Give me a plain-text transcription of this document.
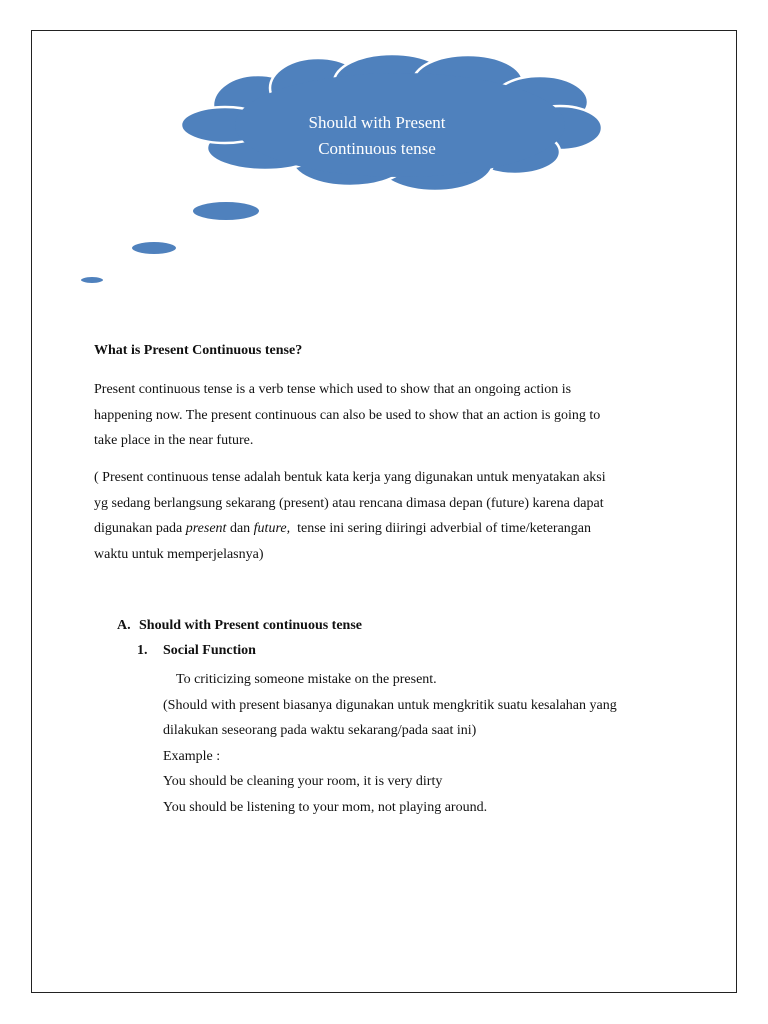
Should with Present
Continuous tense
What is Present Continuous tense?
Present continuous tense is a verb tense which used to show that an ongoing action is
happening now. The present continuous can also be used to show that an action is going to
take place in the near future.
( Present continuous tense adalah bentuk kata kerja yang digunakan untuk menyatakan aksi
yg sedang berlangsung sekarang (present) atau rencana dimasa depan (future) karena dapat
digunakan pada present dan future,  tense ini sering diiringi adverbial of time/keterangan
waktu untuk memperjelasnya)
A. Should with Present continuous tense
1. Social Function
To criticizing someone mistake on the present.
(Should with present biasanya digunakan untuk mengkritik suatu kesalahan yang
dilakukan seseorang pada waktu sekarang/pada saat ini)
Example :
You should be cleaning your room, it is very dirty
You should be listening to your mom, not playing around.
